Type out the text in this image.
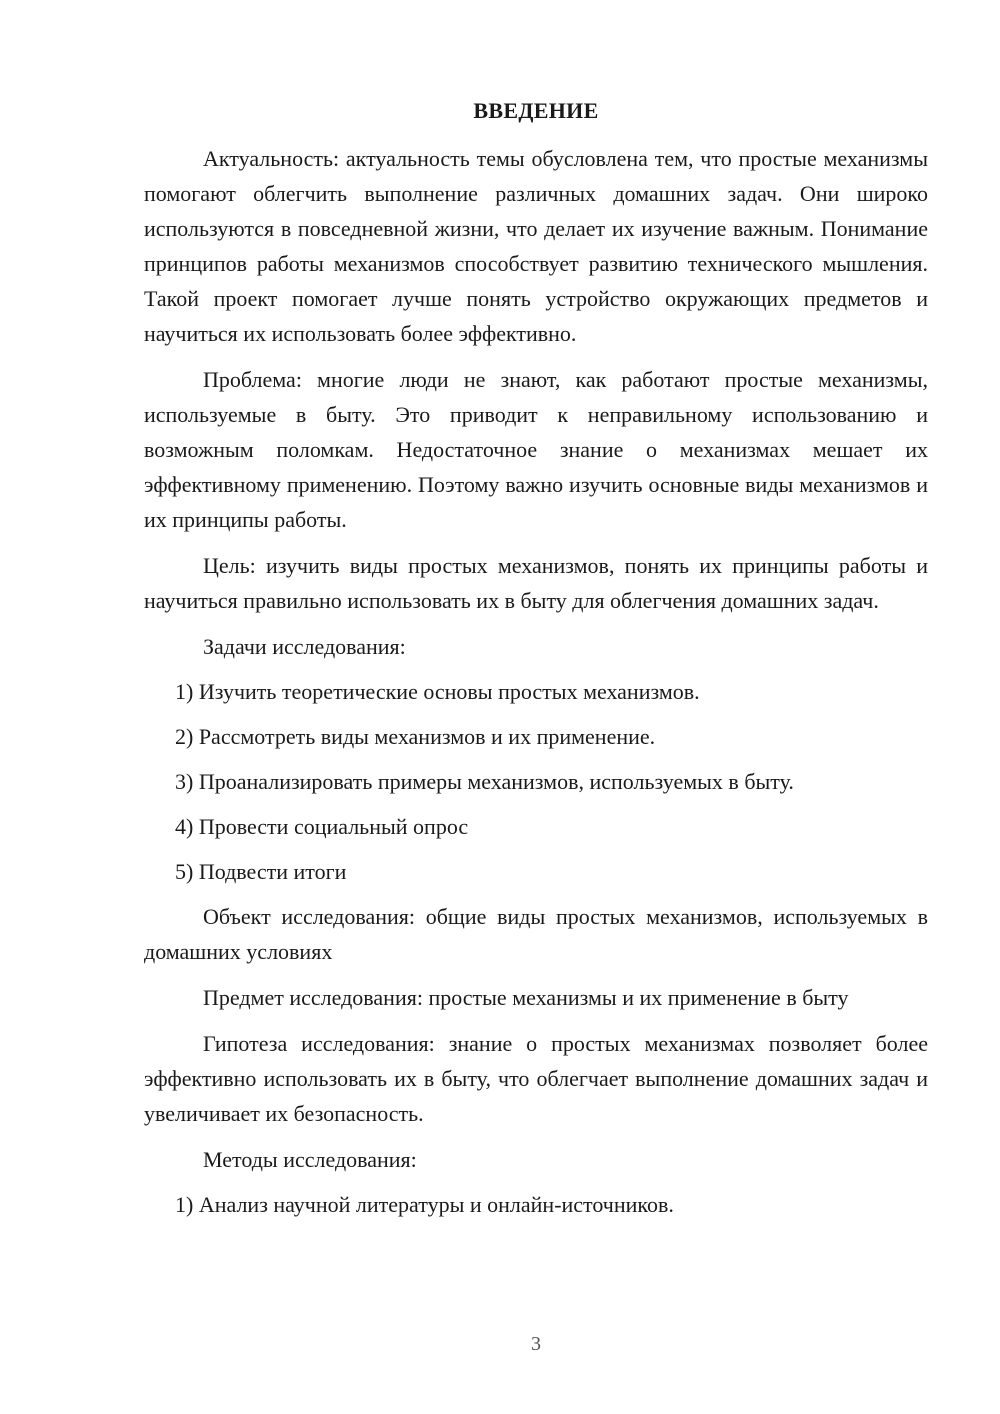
ВВЕДЕНИЕ

Актуальность: актуальность темы обусловлена тем, что простые механизмы помогают облегчить выполнение различных домашних задач. Они широко используются в повседневной жизни, что делает их изучение важным. Понимание принципов работы механизмов способствует развитию технического мышления. Такой проект помогает лучше понять устройство окружающих предметов и научиться их использовать более эффективно.

Проблема: многие люди не знают, как работают простые механизмы, используемые в быту. Это приводит к неправильному использованию и возможным поломкам. Недостаточное знание о механизмах мешает их эффективному применению. Поэтому важно изучить основные виды механизмов и их принципы работы.

Цель: изучить виды простых механизмов, понять их принципы работы и научиться правильно использовать их в быту для облегчения домашних задач.

Задачи исследования:
1) Изучить теоретические основы простых механизмов.
2) Рассмотреть виды механизмов и их применение.
3) Проанализировать примеры механизмов, используемых в быту.
4) Провести социальный опрос
5) Подвести итоги

Объект исследования: общие виды простых механизмов, используемых в домашних условиях

Предмет исследования: простые механизмы и их применение в быту

Гипотеза исследования: знание о простых механизмах позволяет более эффективно использовать их в быту, что облегчает выполнение домашних задач и увеличивает их безопасность.

Методы исследования:
1) Анализ научной литературы и онлайн-источников.
3
